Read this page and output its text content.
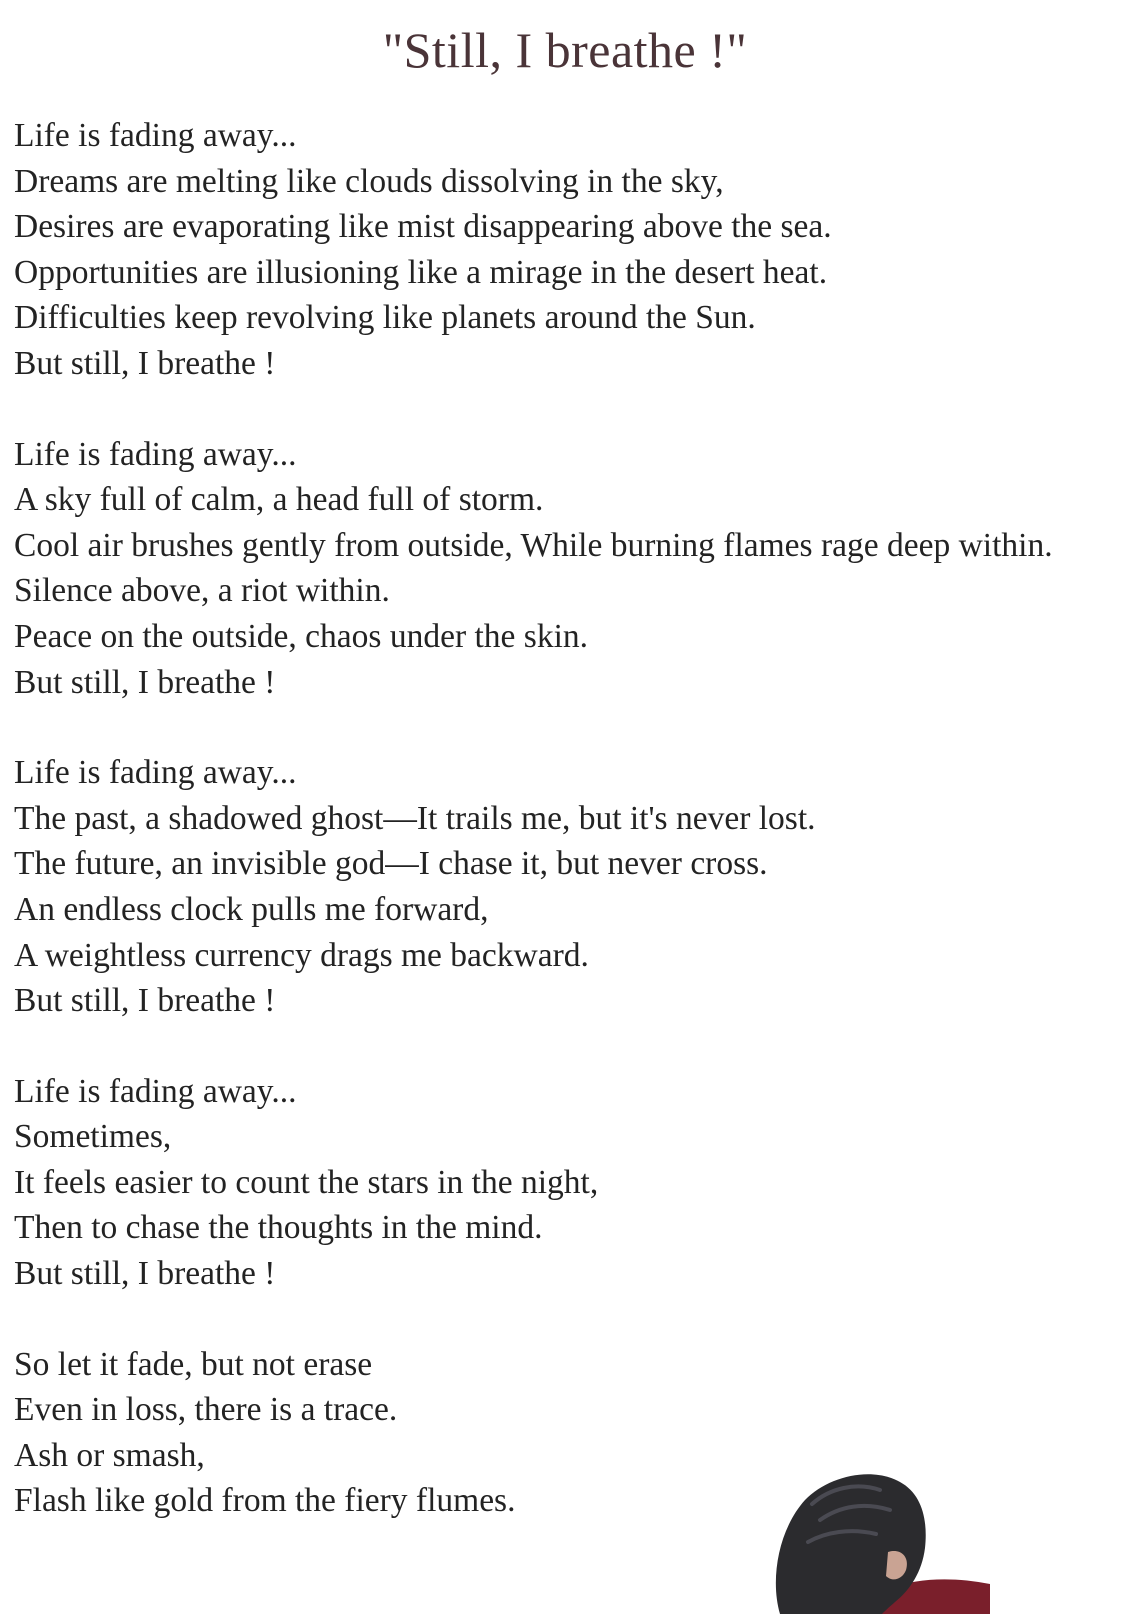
"Still, I breathe !"
Life is fading away...
Dreams are melting like clouds dissolving in the sky,
Desires are evaporating like mist disappearing above the sea.
Opportunities are illusioning like a mirage in the desert heat.
Difficulties keep revolving like planets around the Sun.
But still, I breathe !
Life is fading away...
A sky full of calm, a head full of storm.
Cool air brushes gently from outside, While burning flames rage deep within.
Silence above, a riot within.
Peace on the outside, chaos under the skin.
But still, I breathe !
Life is fading away...
The past, a shadowed ghost—It trails me, but it's never lost.
The future, an invisible god—I chase it, but never cross.
An endless clock pulls me forward,
A weightless currency drags me backward.
But still, I breathe !
Life is fading away...
Sometimes,
It feels easier to count the stars in the night,
Then to chase the thoughts in the mind.
But still, I breathe !
So let it fade, but not erase
Even in loss, there is a trace.
Ash or smash,
Flash like gold from the fiery flumes.
